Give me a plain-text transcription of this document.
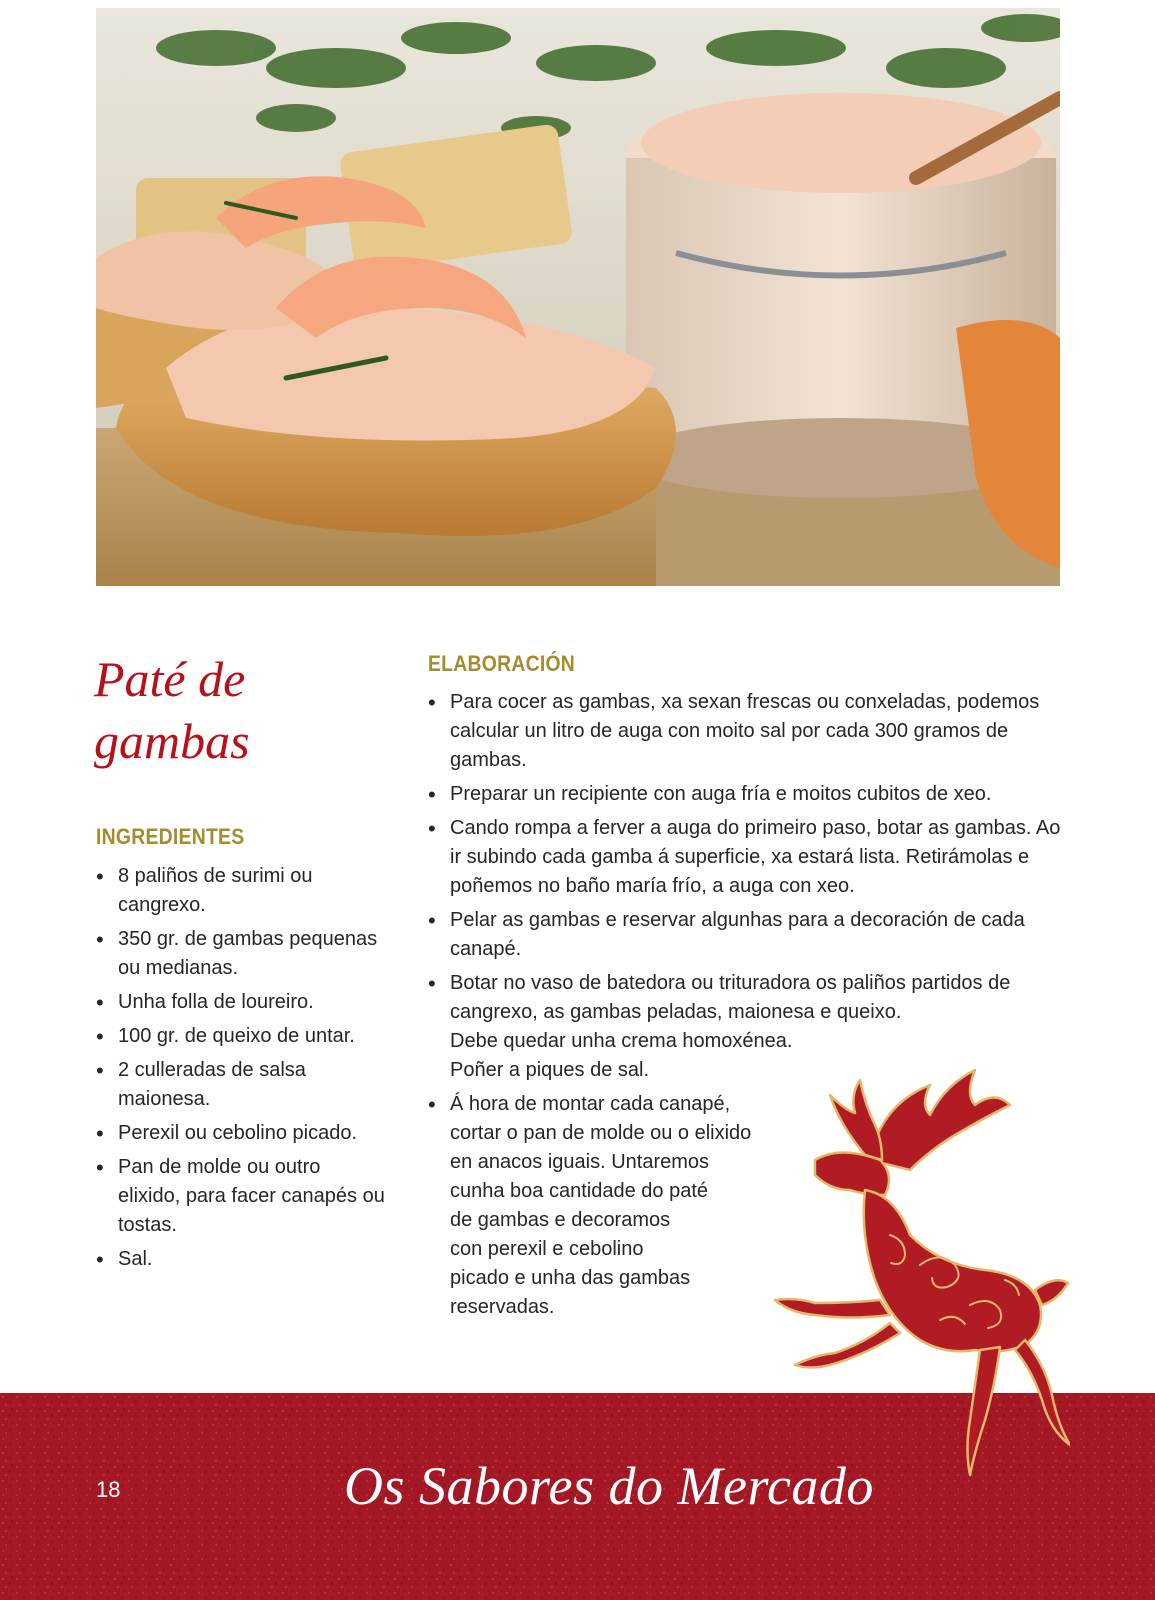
Paté de
gambas
INGREDIENTES
• 8 paliños de surimi ou cangrexo.
• 350 gr. de gambas pequenas ou medianas.
• Unha folla de loureiro.
• 100 gr. de queixo de untar.
• 2 culleradas de salsa maionesa.
• Perexil ou cebolino picado.
• Pan de molde ou outro elixido, para facer canapés ou tostas.
• Sal.
ELABORACIÓN
• Para cocer as gambas, xa sexan frescas ou conxeladas, podemos calcular un litro de auga con moito sal por cada 300 gramos de gambas.
• Preparar un recipiente con auga fría e moitos cubitos de xeo.
• Cando rompa a ferver a auga do primeiro paso, botar as gambas. Ao ir subindo cada gamba á superficie, xa estará lista. Retirámolas e poñemos no baño maría frío, a auga con xeo.
• Pelar as gambas e reservar algunhas para a decoración de cada canapé.
• Botar no vaso de batedora ou trituradora os paliños partidos de
cangrexo, as gambas peladas, maionesa e queixo.
Debe quedar unha crema homoxénea.
Poñer a piques de sal.
• Á hora de montar cada canapé,
cortar o pan de molde ou o elixido
en anacos iguais. Untaremos
cunha boa cantidade do paté
de gambas e decoramos
con perexil e cebolino
picado e unha das gambas
reservadas.
18	Os Sabores do Mercado
